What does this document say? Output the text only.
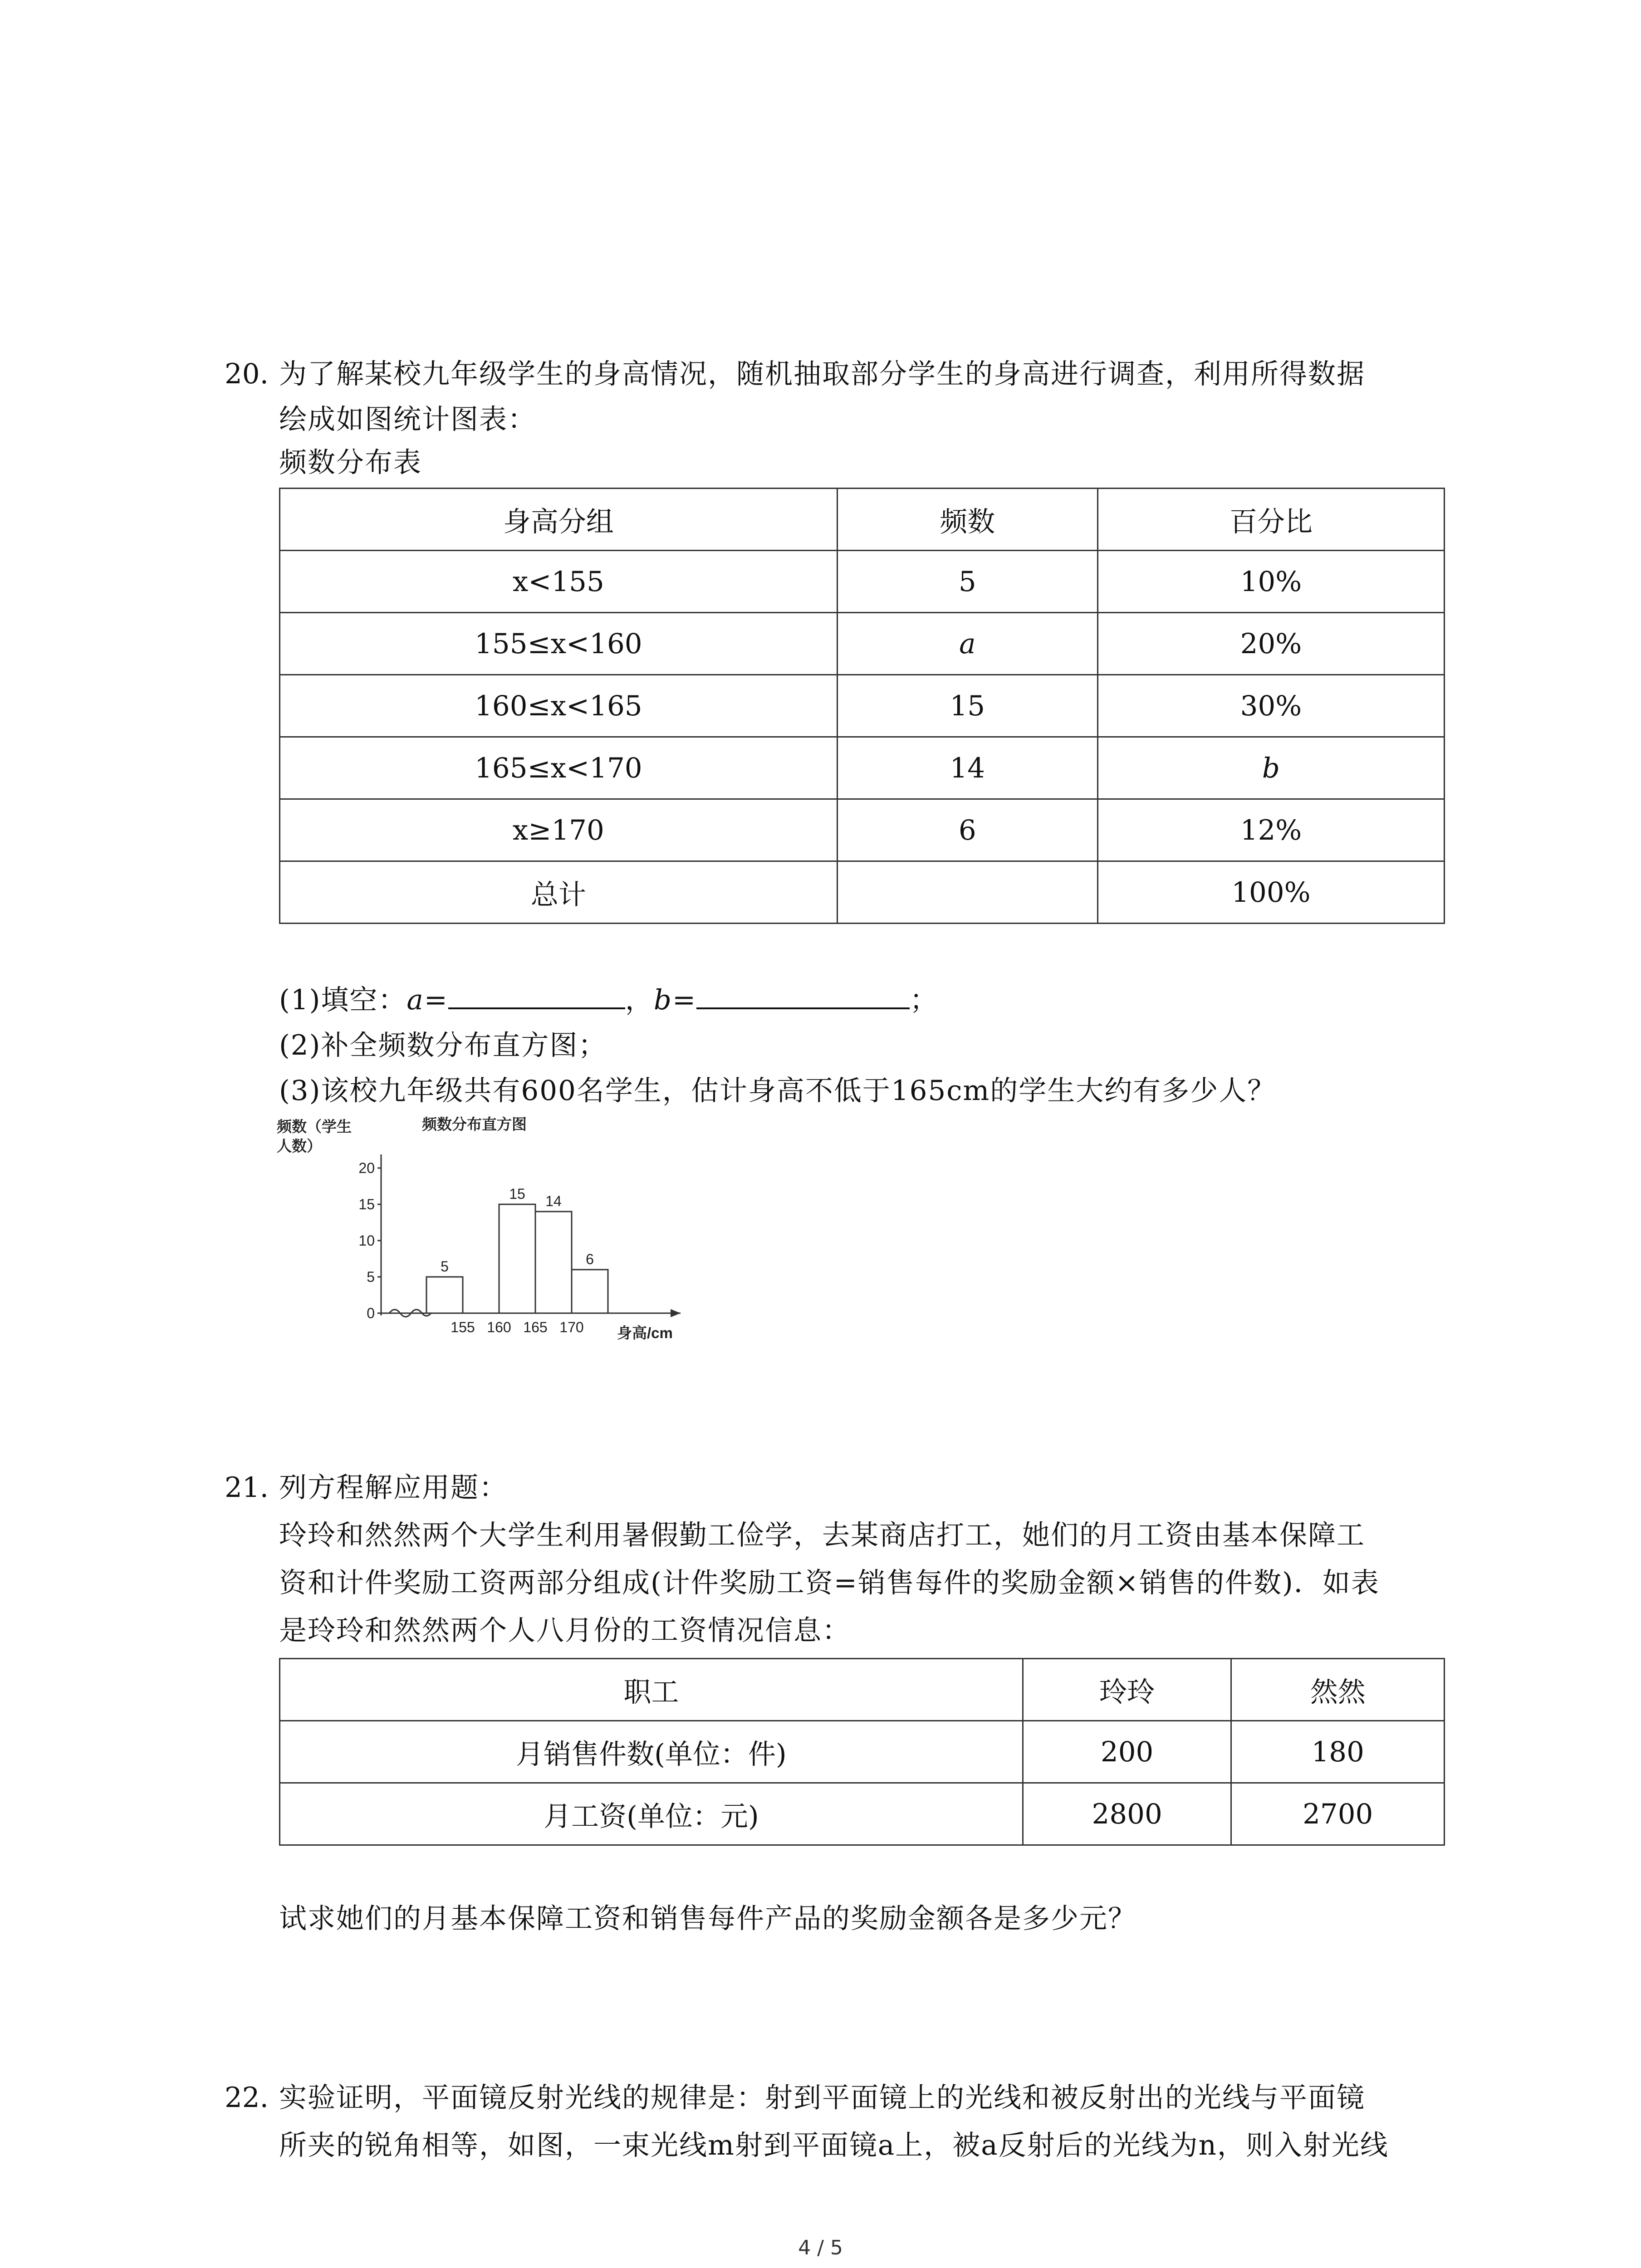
20. 为了解某校九年级学生的身高情况，随机抽取部分学生的身高进行调查，利用所得数据
绘成如图统计图表：
频数分布表
身高分组	频数	百分比
x<155	5	10%
155≤x<160	a	20%
160≤x<165	15	30%
165≤x<170	14	b
x≥170	6	12%
总计		100%
(1)填空：a=	，b=	；
(2)补全频数分布直方图；
(3)该校九年级共有600名学生，估计身高不低于165cm的学生大约有多少人？
0
5
10
15
20
频数（学生
人数）
频数分布直方图
5
15 14
6
155 160 165 170 身高/cm
21. 列方程解应用题：
玲玲和然然两个大学生利用暑假勤工俭学，去某商店打工，她们的月工资由基本保障工
资和计件奖励工资两部分组成(计件奖励工资=销售每件的奖励金额×销售的件数)．如表
是玲玲和然然两个人八月份的工资情况信息：
职工	玲玲	然然
月销售件数(单位：件)	200	180
月工资(单位：元)	2800	2700
试求她们的月基本保障工资和销售每件产品的奖励金额各是多少元？
22. 实验证明，平面镜反射光线的规律是：射到平面镜上的光线和被反射出的光线与平面镜
所夹的锐角相等，如图，一束光线m射到平面镜a上，被a反射后的光线为n，则入射光线
4 / 5
